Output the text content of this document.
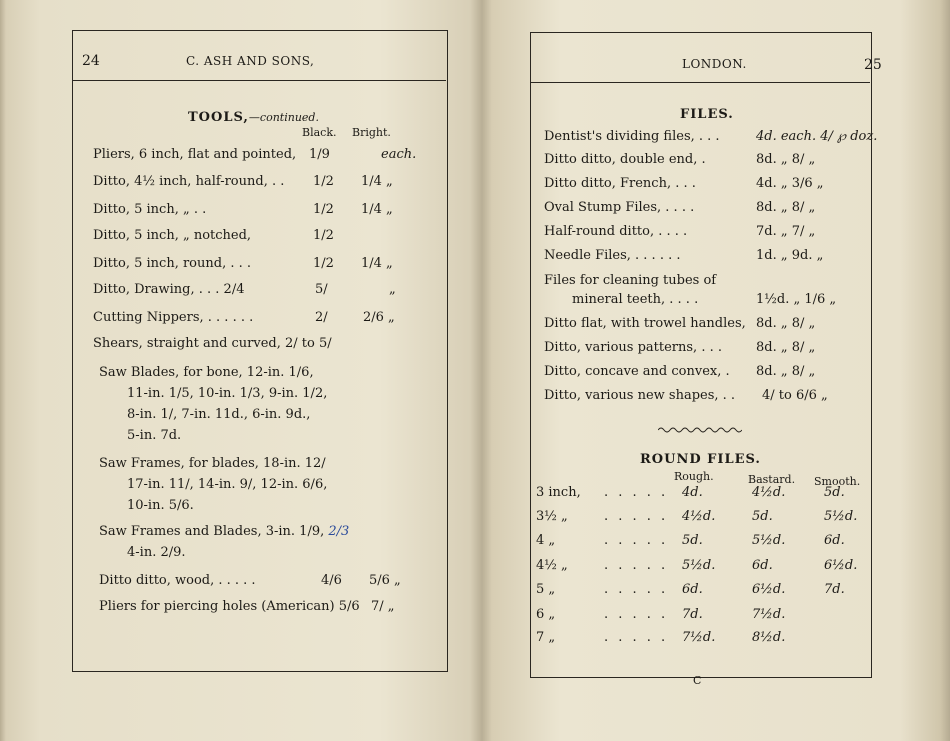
24	C. ASH AND SONS,
TOOLS,—continued.
Black. Bright.
Pliers, 6 inch, flat and pointed, 1/9	each.
Ditto, 4½ inch, half-round, . . 1/2 1/4 „
Ditto, 5 inch, „ . .	1/2 1/4 „
Ditto, 5 inch, „ notched,	1/2
Ditto, 5 inch, round, . . .	1/2 1/4 „
Ditto, Drawing, . . . 2/4	5/	„
Cutting Nippers, . . . . . .	2/	2/6 „
Shears, straight and curved, 2/ to 5/
Saw Blades, for bone, 12-in. 1/6,
11-in. 1/5, 10-in. 1/3, 9-in. 1/2,
8-in. 1/, 7-in. 11d., 6-in. 9d.,
5-in. 7d.
Saw Frames, for blades, 18-in. 12/
17-in. 11/, 14-in. 9/, 12-in. 6/6,
10-in. 5/6.
Saw Frames and Blades, 3-in. 1/9, 2/3
4-in. 2/9.
Ditto ditto, wood, . . . . .	4/6 5/6 „
Pliers for piercing holes (American) 5/6 7/ „
LONDON.	25
FILES.
Dentist's dividing files, . . .	4d. each. 4/ ℘ doz.
Ditto ditto, double end, .	8d. „ 8/ „
Ditto ditto, French, . . .	4d. „ 3/6 „
Oval Stump Files, . . . .	8d. „ 8/ „
Half-round ditto, . . . .	7d. „ 7/ „
Needle Files, . . . . . .	1d. „ 9d. „
Files for cleaning tubes of
mineral teeth, . . . .	1½d. „ 1/6 „
Ditto flat, with trowel handles, 8d. „ 8/ „
Ditto, various patterns, . . .	8d. „ 8/ „
Ditto, concave and convex, . 8d. „ 8/ „
Ditto, various new shapes, . . 4/ to 6/6 „
ROUND FILES.
Rough.	Bastard. Smooth.
3 inch, . . . . . 4d.	4½d.	5d.
3½ „	. . . . . 4½d.	5d.	5½d.
4 „	. . . . . 5d.	5½d.	6d.
4½ „	. . . . . 5½d.	6d.	6½d.
5 „	. . . . . 6d.	6½d.	7d.
6 „	. . . . . 7d.	7½d.
7 „	. . . . . 7½d.	8½d.
C
